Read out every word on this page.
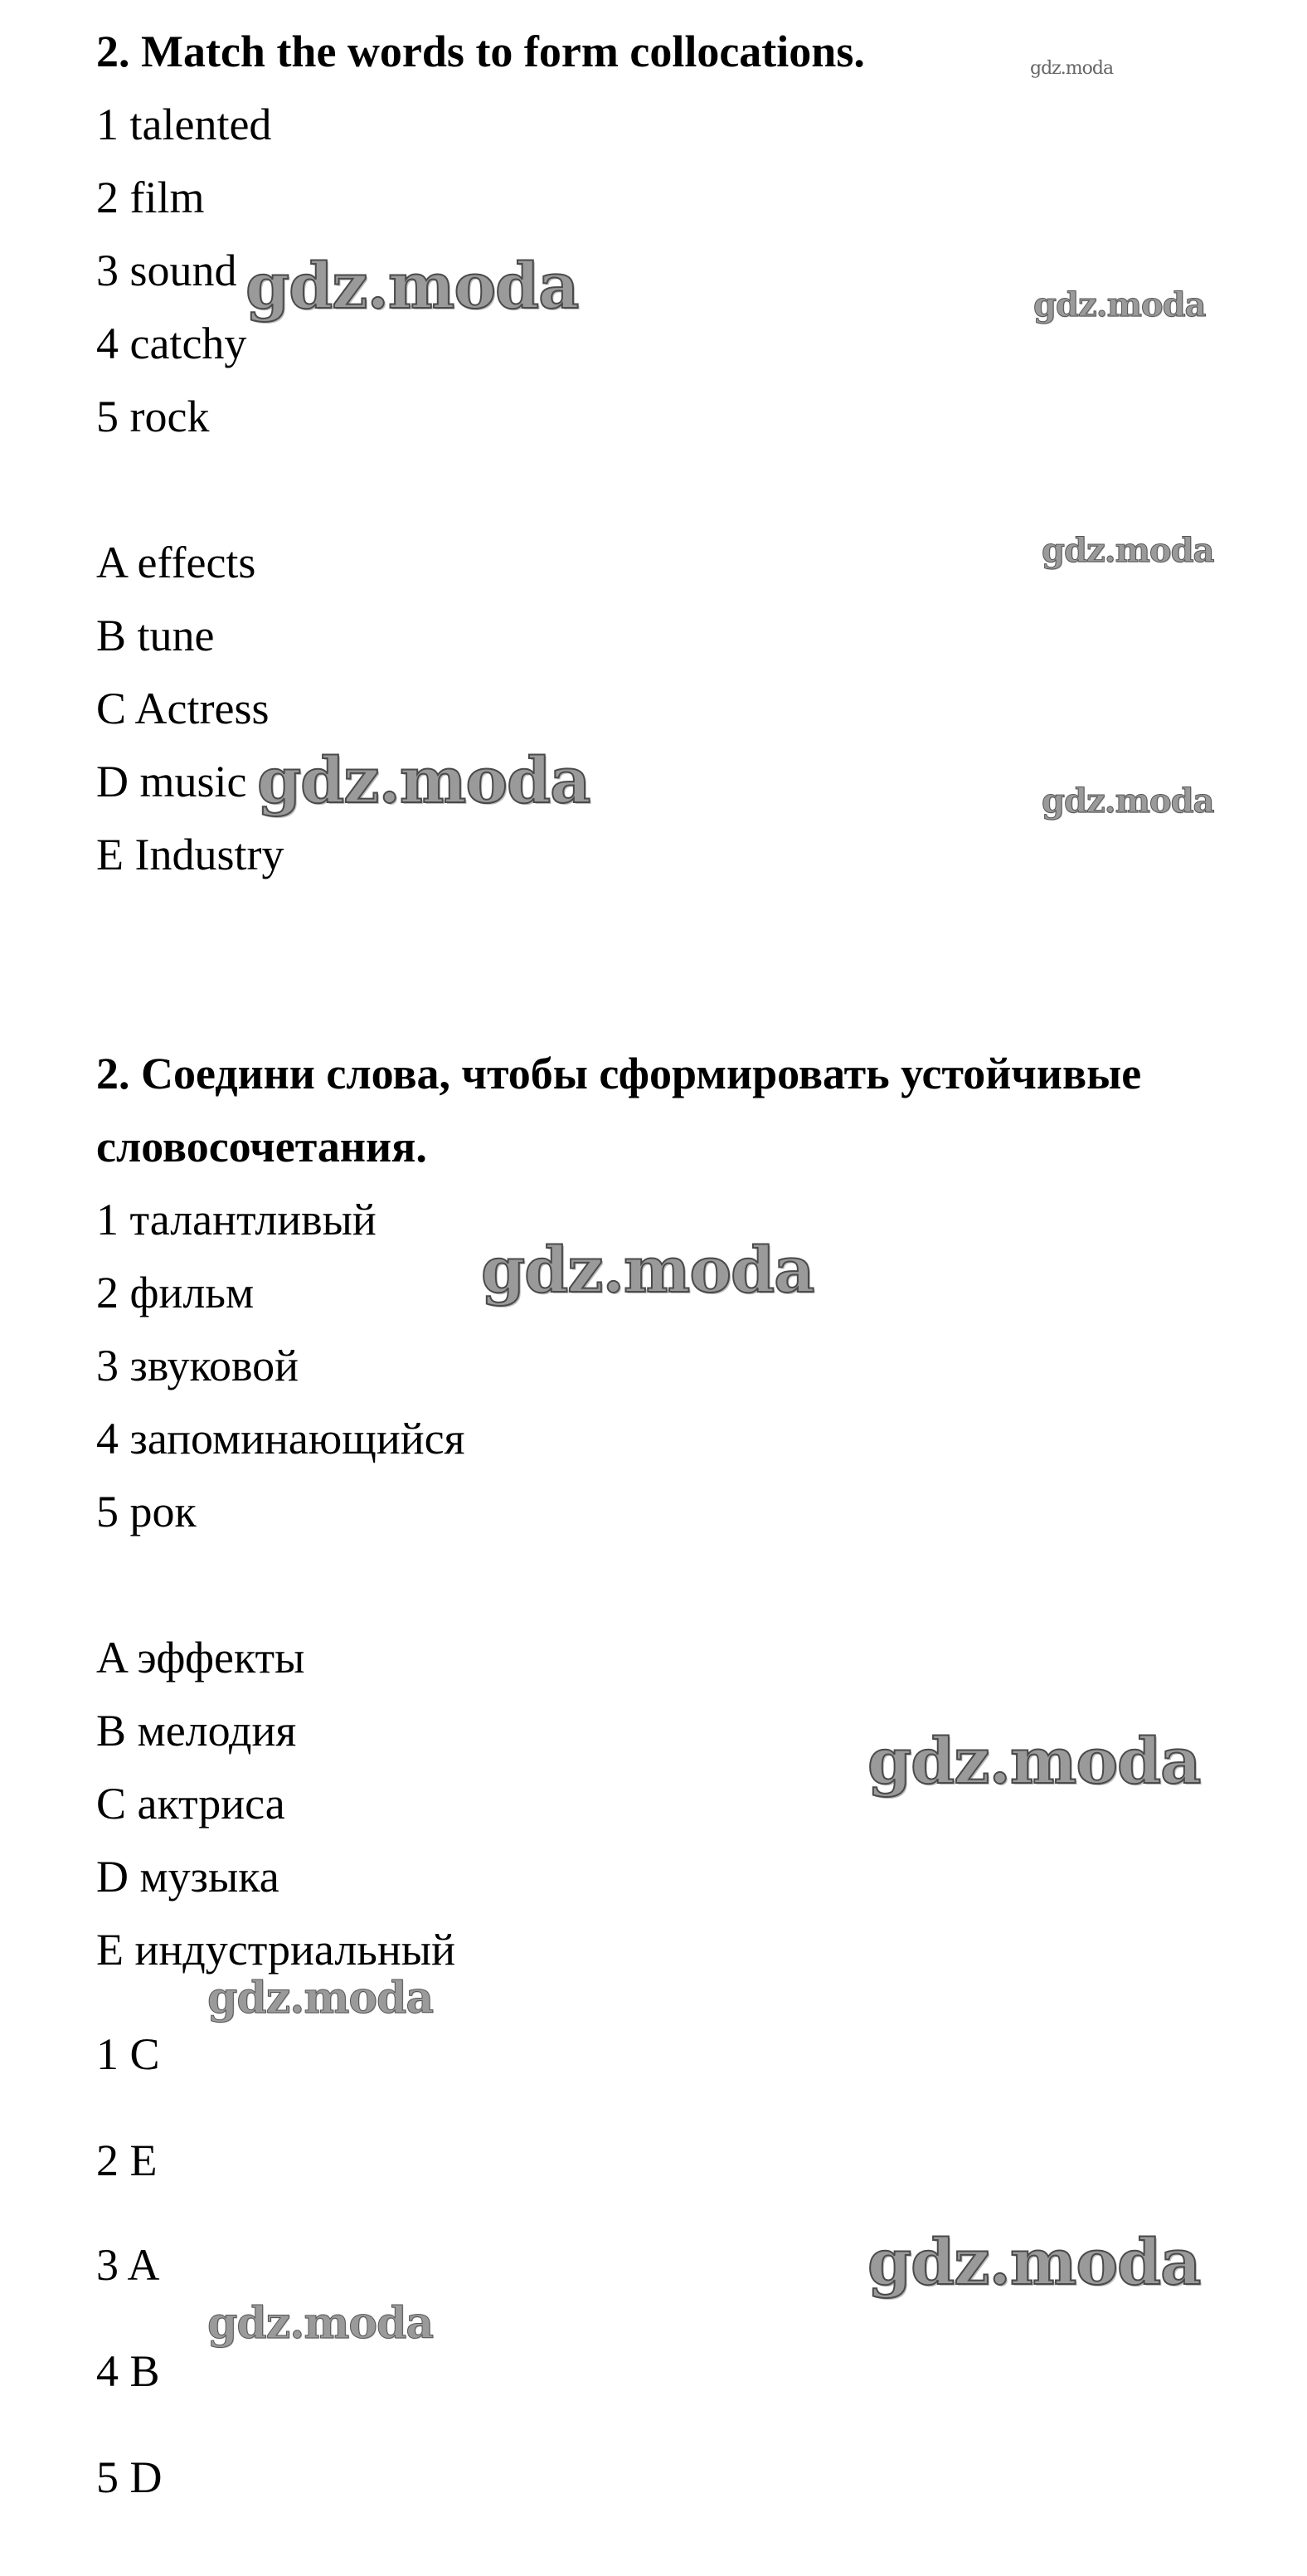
2. Match the words to form collocations.
1 talented
2 film
3 sound
4 catchy
5 rock
A effects
B tune
C Actress
D music
E Industry
2. Соедини слова, чтобы сформировать устойчивые
словосочетания.
1 талантливый
2 фильм
3 звуковой
4 запоминающийся
5 рок
A эффекты
B мелодия
C актриса
D музыка
E индустриальный
1 C
2 E
3 A
4 B
5 D
gdz.moda
gdz.moda	gdz.moda
gdz.moda
gdz.moda	gdz.moda
gdz.moda
gdz.moda
gdz.moda
gdz.moda
gdz.moda
